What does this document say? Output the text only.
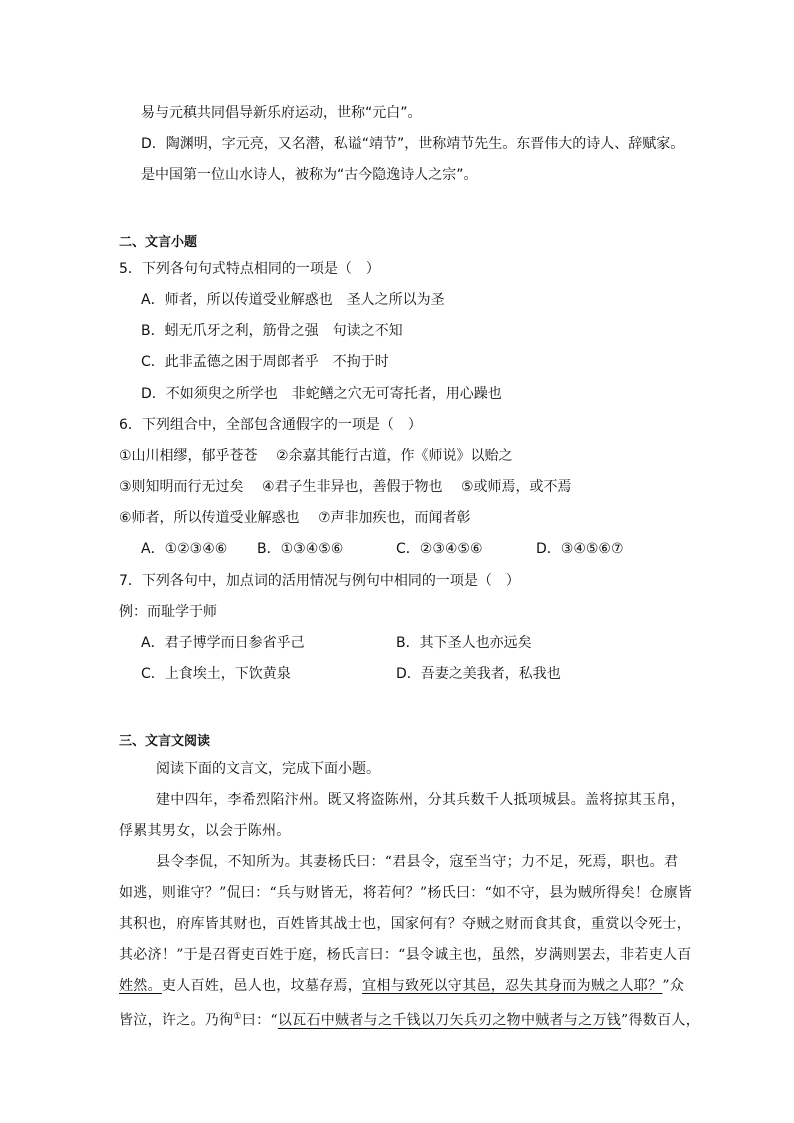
易与元稹共同倡导新乐府运动，世称“元白”。
D．陶渊明，字元亮，又名潜，私谥“靖节”，世称靖节先生。东晋伟大的诗人、辞赋家。
是中国第一位山水诗人，被称为“古今隐逸诗人之宗”。
二、文言小题
5．下列各句句式特点相同的一项是（　）
A．师者，所以传道受业解惑也　圣人之所以为圣
B．蚓无爪牙之利，筋骨之强　句读之不知
C．此非孟德之困于周郎者乎　不拘于时
D．不如须臾之所学也　非蛇鳝之穴无可寄托者，用心躁也
6．下列组合中，全部包含通假字的一项是（　）
①山川相缪，郁乎苍苍　 ②余嘉其能行古道，作《师说》以贻之
③则知明而行无过矣　 ④君子生非异也，善假于物也　 ⑤或师焉，或不焉
⑥师者，所以传道受业解惑也　 ⑦声非加疾也，而闻者彰
A．①②③④⑥ B．①③④⑤⑥	C．②③④⑤⑥	D．③④⑤⑥⑦
7．下列各句中，加点词的活用情况与例句中相同的一项是（　）
例：而耻学于师
A．君子博学而日参省乎己	B．其下圣人也亦远矣
C．上食埃土，下饮黄泉	D．吾妻之美我者，私我也
三、文言文阅读
阅读下面的文言文，完成下面小题。
建中四年，李希烈陷汴州。既又将盗陈州，分其兵数千人抵项城县。盖将掠其玉帛，
俘累其男女，以会于陈州。
县令李侃，不知所为。其妻杨氏曰：“君县令，寇至当守；力不足，死焉，职也。君
如逃，则谁守？”侃曰：“兵与财皆无，将若何？”杨氏曰：“如不守，县为贼所得矣！仓廪皆
其积也，府库皆其财也，百姓皆其战士也，国家何有？夺贼之财而食其食，重赏以令死士，
其必济！”于是召胥吏百姓于庭，杨氏言曰：“县令诚主也，虽然，岁满则罢去，非若吏人百
姓然。吏人百姓，邑人也，坟墓存焉，宜相与致死以守其邑，忍失其身而为贼之人耶？”众
皆泣，许之。乃徇①曰：“以瓦石中贼者与之千钱以刀矢兵刃之物中贼者与之万钱”得数百人，
